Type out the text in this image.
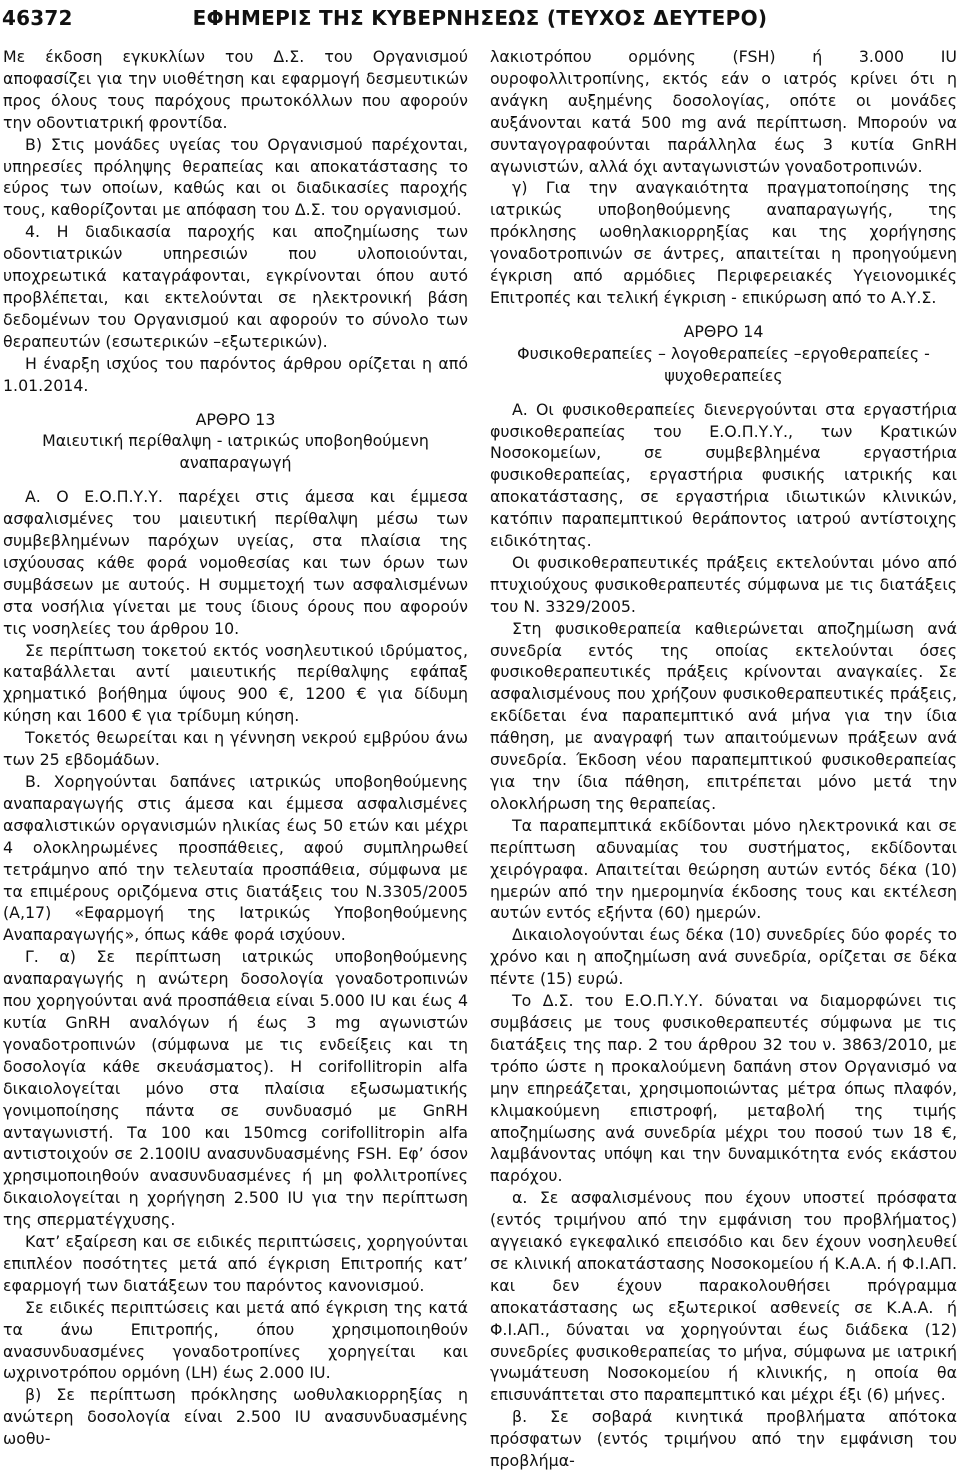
46372	ΕΦΗΜΕΡΙΣ ΤΗΣ ΚΥΒΕΡΝΗΣΕΩΣ (ΤΕΥΧΟΣ ΔΕΥΤΕΡΟ)

Με έκδοση εγκυκλίων του Δ.Σ. του Οργανισμού αποφασίζει για την υιοθέτηση και εφαρμογή δεσμευτικών προς όλους τους παρόχους πρωτοκόλλων που αφορούν την οδοντιατρική φροντίδα.

Β) Στις μονάδες υγείας του Οργανισμού παρέχονται, υπηρεσίες πρόληψης θεραπείας και αποκατάστασης το εύρος των οποίων, καθώς και οι διαδικασίες παροχής τους, καθορίζονται με απόφαση του Δ.Σ. του οργανισμού.

4. Η διαδικασία παροχής και αποζημίωσης των οδοντιατρικών υπηρεσιών που υλοποιούνται, υποχρεωτικά καταγράφονται, εγκρίνονται όπου αυτό προβλέπεται, και εκτελούνται σε ηλεκτρονική βάση δεδομένων του Οργανισμού και αφορούν το σύνολο των θεραπευτών (εσωτερικών –εξωτερικών).

Η έναρξη ισχύος του παρόντος άρθρου ορίζεται η από 1.01.2014.

ΑΡΘΡΟ 13

Μαιευτική περίθαλψη - ιατρικώς υποβοηθούμενη αναπαραγωγή

Α. Ο Ε.Ο.Π.Υ.Υ. παρέχει στις άμεσα και έμμεσα ασφαλισμένες του μαιευτική περίθαλψη μέσω των συμβεβλημένων παρόχων υγείας, στα πλαίσια της ισχύουσας κάθε φορά νομοθεσίας και των όρων των συμβάσεων με αυτούς. Η συμμετοχή των ασφαλισμένων στα νοσήλια γίνεται με τους ίδιους όρους που αφορούν τις νοσηλείες του άρθρου 10.

Σε περίπτωση τοκετού εκτός νοσηλευτικού ιδρύματος, καταβάλλεται αντί μαιευτικής περίθαλψης εφάπαξ χρηματικό βοήθημα ύψους 900 €, 1200 € για δίδυμη κύηση και 1600 € για τρίδυμη κύηση.

Τοκετός θεωρείται και η γέννηση νεκρού εμβρύου άνω των 25 εβδομάδων.

Β. Χορηγούνται δαπάνες ιατρικώς υποβοηθούμενης αναπαραγωγής στις άμεσα και έμμεσα ασφαλισμένες ασφαλιστικών οργανισμών ηλικίας έως 50 ετών και μέχρι 4 ολοκληρωμένες προσπάθειες, αφού συμπληρωθεί τετράμηνο από την τελευταία προσπάθεια, σύμφωνα με τα επιμέρους οριζόμενα στις διατάξεις του Ν.3305/2005 (Α,17) «Εφαρμογή της Ιατρικώς Υποβοηθούμενης Αναπαραγωγής», όπως κάθε φορά ισχύουν.

Γ. α) Σε περίπτωση ιατρικώς υποβοηθούμενης αναπαραγωγής η ανώτερη δοσολογία γοναδοτροπινών που χορηγούνται ανά προσπάθεια είναι 5.000 IU και έως 4 κυτία GnRH αναλόγων ή έως 3 mg αγωνιστών γοναδοτροπινών (σύμφωνα με τις ενδείξεις και τη δοσολογία κάθε σκευάσματος). Η corifollitropin alfa δικαιολογείται μόνο στα πλαίσια εξωσωματικής γονιμοποίησης πάντα σε συνδυασμό με GnRH ανταγωνιστή. Τα 100 και 150mcg corifollitropin alfa αντιστοιχούν σε 2.100IU ανασυνδυασμένης FSH. Εφ’ όσον χρησιμοποιηθούν ανασυνδυασμένες ή μη φολλιτροπίνες δικαιολογείται η χορήγηση 2.500 IU για την περίπτωση της σπερματέγχυσης.

Κατ’ εξαίρεση και σε ειδικές περιπτώσεις, χορηγούνται επιπλέον ποσότητες μετά από έγκριση Επιτροπής κατ’ εφαρμογή των διατάξεων του παρόντος κανονισμού.

Σε ειδικές περιπτώσεις και μετά από έγκριση της κατά τα άνω Επιτροπής, όπου χρησιμοποιηθούν ανασυνδυασμένες γοναδοτροπίνες χορηγείται και ωχρινοτρόπου ορμόνη (LH) έως 2.000 IU.

β) Σε περίπτωση πρόκλησης ωοθυλακιορρηξίας η ανώτερη δοσολογία είναι 2.500 IU ανασυνδυασμένης ωοθυ-

λακιοτρόπου ορμόνης (FSH) ή 3.000 IU ουροφολλιτροπίνης, εκτός εάν ο ιατρός κρίνει ότι η ανάγκη αυξημένης δοσολογίας, οπότε οι μονάδες αυξάνονται κατά 500 mg ανά περίπτωση. Μπορούν να συνταγογραφούνται παράλληλα έως 3 κυτία GnRH αγωνιστών, αλλά όχι ανταγωνιστών γοναδοτροπινών.

γ) Για την αναγκαιότητα πραγματοποίησης της ιατρικώς υποβοηθούμενης αναπαραγωγής, της πρόκλησης ωοθηλακιορρηξίας και της χορήγησης γοναδοτροπινών σε άντρες, απαιτείται η προηγούμενη έγκριση από αρμόδιες Περιφερειακές Υγειονομικές Επιτροπές και τελική έγκριση - επικύρωση από το Α.Υ.Σ.

ΑΡΘΡΟ 14

Φυσικοθεραπείες – λογοθεραπείες –εργοθεραπείες - ψυχοθεραπείες

Α. Οι φυσικοθεραπείες διενεργούνται στα εργαστήρια φυσικοθεραπείας του Ε.Ο.Π.Υ.Υ., των Κρατικών Νοσοκομείων, σε συμβεβλημένα εργαστήρια φυσικοθεραπείας, εργαστήρια φυσικής ιατρικής και αποκατάστασης, σε εργαστήρια ιδιωτικών κλινικών, κατόπιν παραπεμπτικού θεράποντος ιατρού αντίστοιχης ειδικότητας.

Οι φυσικοθεραπευτικές πράξεις εκτελούνται μόνο από πτυχιούχους φυσικοθεραπευτές σύμφωνα με τις διατάξεις του Ν. 3329/2005.

Στη φυσικοθεραπεία καθιερώνεται αποζημίωση ανά συνεδρία εντός της οποίας εκτελούνται όσες φυσικοθεραπευτικές πράξεις κρίνονται αναγκαίες. Σε ασφαλισμένους που χρήζουν φυσικοθεραπευτικές πράξεις, εκδίδεται ένα παραπεμπτικό ανά μήνα για την ίδια πάθηση, με αναγραφή των απαιτούμενων πράξεων ανά συνεδρία. Έκδοση νέου παραπεμπτικού φυσικοθεραπείας για την ίδια πάθηση, επιτρέπεται μόνο μετά την ολοκλήρωση της θεραπείας.

Τα παραπεμπτικά εκδίδονται μόνο ηλεκτρονικά και σε περίπτωση αδυναμίας του συστήματος, εκδίδονται χειρόγραφα. Απαιτείται θεώρηση αυτών εντός δέκα (10) ημερών από την ημερομηνία έκδοσης τους και εκτέλεση αυτών εντός εξήντα (60) ημερών.

Δικαιολογούνται έως δέκα (10) συνεδρίες δύο φορές το χρόνο και η αποζημίωση ανά συνεδρία, ορίζεται σε δέκα πέντε (15) ευρώ.

Το Δ.Σ. του Ε.Ο.Π.Υ.Υ. δύναται να διαμορφώνει τις συμβάσεις με τους φυσικοθεραπευτές σύμφωνα με τις διατάξεις της παρ. 2 του άρθρου 32 του ν. 3863/2010, με τρόπο ώστε η προκαλούμενη δαπάνη στον Οργανισμό να μην επηρεάζεται, χρησιμοποιώντας μέτρα όπως πλαφόν, κλιμακούμενη επιστροφή, μεταβολή της τιμής αποζημίωσης ανά συνεδρία μέχρι του ποσού των 18 €, λαμβάνοντας υπόψη και την δυναμικότητα ενός εκάστου παρόχου.

α. Σε ασφαλισμένους που έχουν υποστεί πρόσφατα (εντός τριμήνου από την εμφάνιση του προβλήματος) αγγειακό εγκεφαλικό επεισόδιο και δεν έχουν νοσηλευθεί σε κλινική αποκατάστασης Νοσοκομείου ή Κ.Α.Α. ή Φ.Ι.ΑΠ. και δεν έχουν παρακολουθήσει πρόγραμμα αποκατάστασης ως εξωτερικοί ασθενείς σε Κ.Α.Α. ή Φ.Ι.ΑΠ., δύναται να χορηγούνται έως διάδεκα (12) συνεδρίες φυσικοθεραπείας το μήνα, σύμφωνα με ιατρική γνωμάτευση Νοσοκομείου ή κλινικής, η οποία θα επισυνάπτεται στο παραπεμπτικό και μέχρι έξι (6) μήνες.

β. Σε σοβαρά κινητικά προβλήματα απότοκα πρόσφατων (εντός τριμήνου από την εμφάνιση του προβλήμα-
